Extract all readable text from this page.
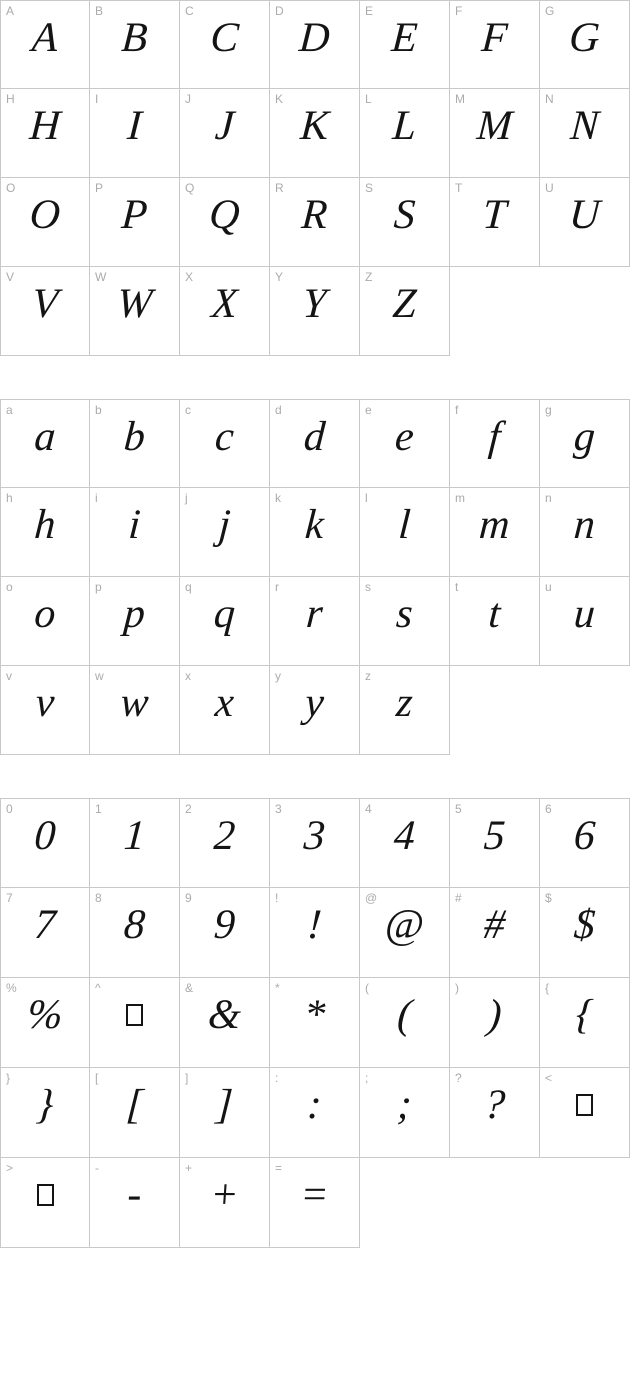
A
A
B
B
C
C
D
D
E
E
F
F
G
G
H
H
I
I
J
J
K
K
L
L
M
M
N
N
O
O
P
P
Q
Q
R
R
S
S
T
T
U
U
V
V
W
W
X
X
Y
Y
Z
Z
a
a
b
b
c
c
d
d
e
e
f
f
g
g
h
h
i
i
j
j
k
k
l
l
m
m
n
n
o
o
p
p
q
q
r
r
s
s
t
t
u
u
v
v
w
w
x
x
y
y
z
z
0
0
1
1
2
2
3
3
4
4
5
5
6
6
7
7
8
8
9
9
!
!
@
@
#
#
$
$
%
%
^	&
&
*
*
(
(
)
)
{
{
}
}
[
[
]
]
:
:
;
;
?
?
<
>	-
-
+
+
=
=
